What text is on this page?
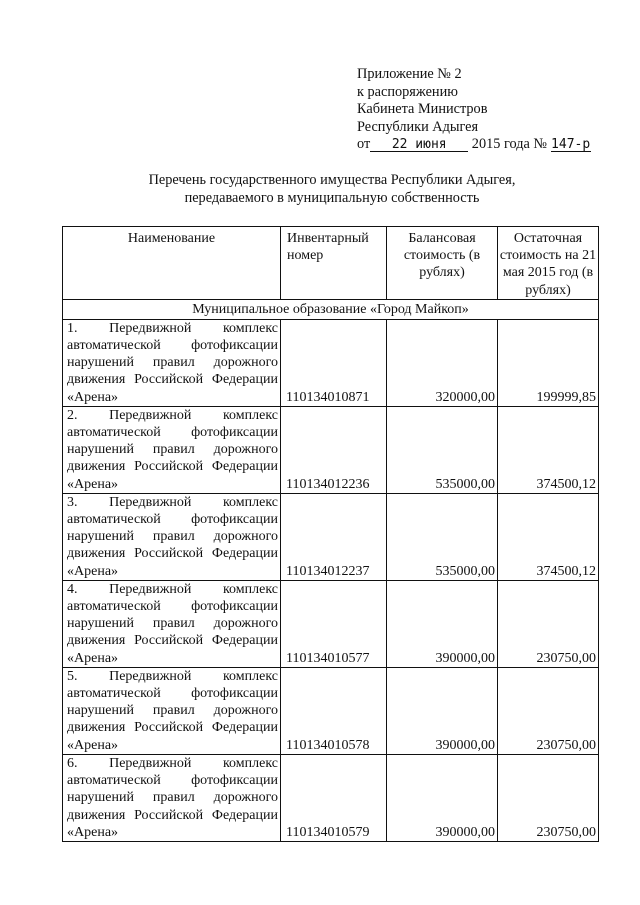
Приложение № 2
к распоряжению
Кабинета Министров
Республики Адыгея
от 22 июня 2015 года № 147-р
Перечень государственного имущества Республики Адыгея,
передаваемого в муниципальную собственность
Наименование	Инвентарный номер	Балансовая стоимость (в рублях)	Остаточная стоимость на 21 мая 2015 год (в рублях)
Муниципальное образование «Город Майкоп»			
1. Передвижной комплекс автоматической фотофиксации нарушений правил дорожного движения Российской Федерации «Арена»	110134010871	320000,00	199999,85
2. Передвижной комплекс автоматической фотофиксации нарушений правил дорожного движения Российской Федерации «Арена»	110134012236	535000,00	374500,12
3. Передвижной комплекс автоматической фотофиксации нарушений правил дорожного движения Российской Федерации «Арена»	110134012237	535000,00	374500,12
4. Передвижной комплекс автоматической фотофиксации нарушений правил дорожного движения Российской Федерации «Арена»	110134010577	390000,00	230750,00
5. Передвижной комплекс автоматической фотофиксации нарушений правил дорожного движения Российской Федерации «Арена»	110134010578	390000,00	230750,00
6. Передвижной комплекс автоматической фотофиксации нарушений правил дорожного движения Российской Федерации «Арена»	110134010579	390000,00	230750,00
